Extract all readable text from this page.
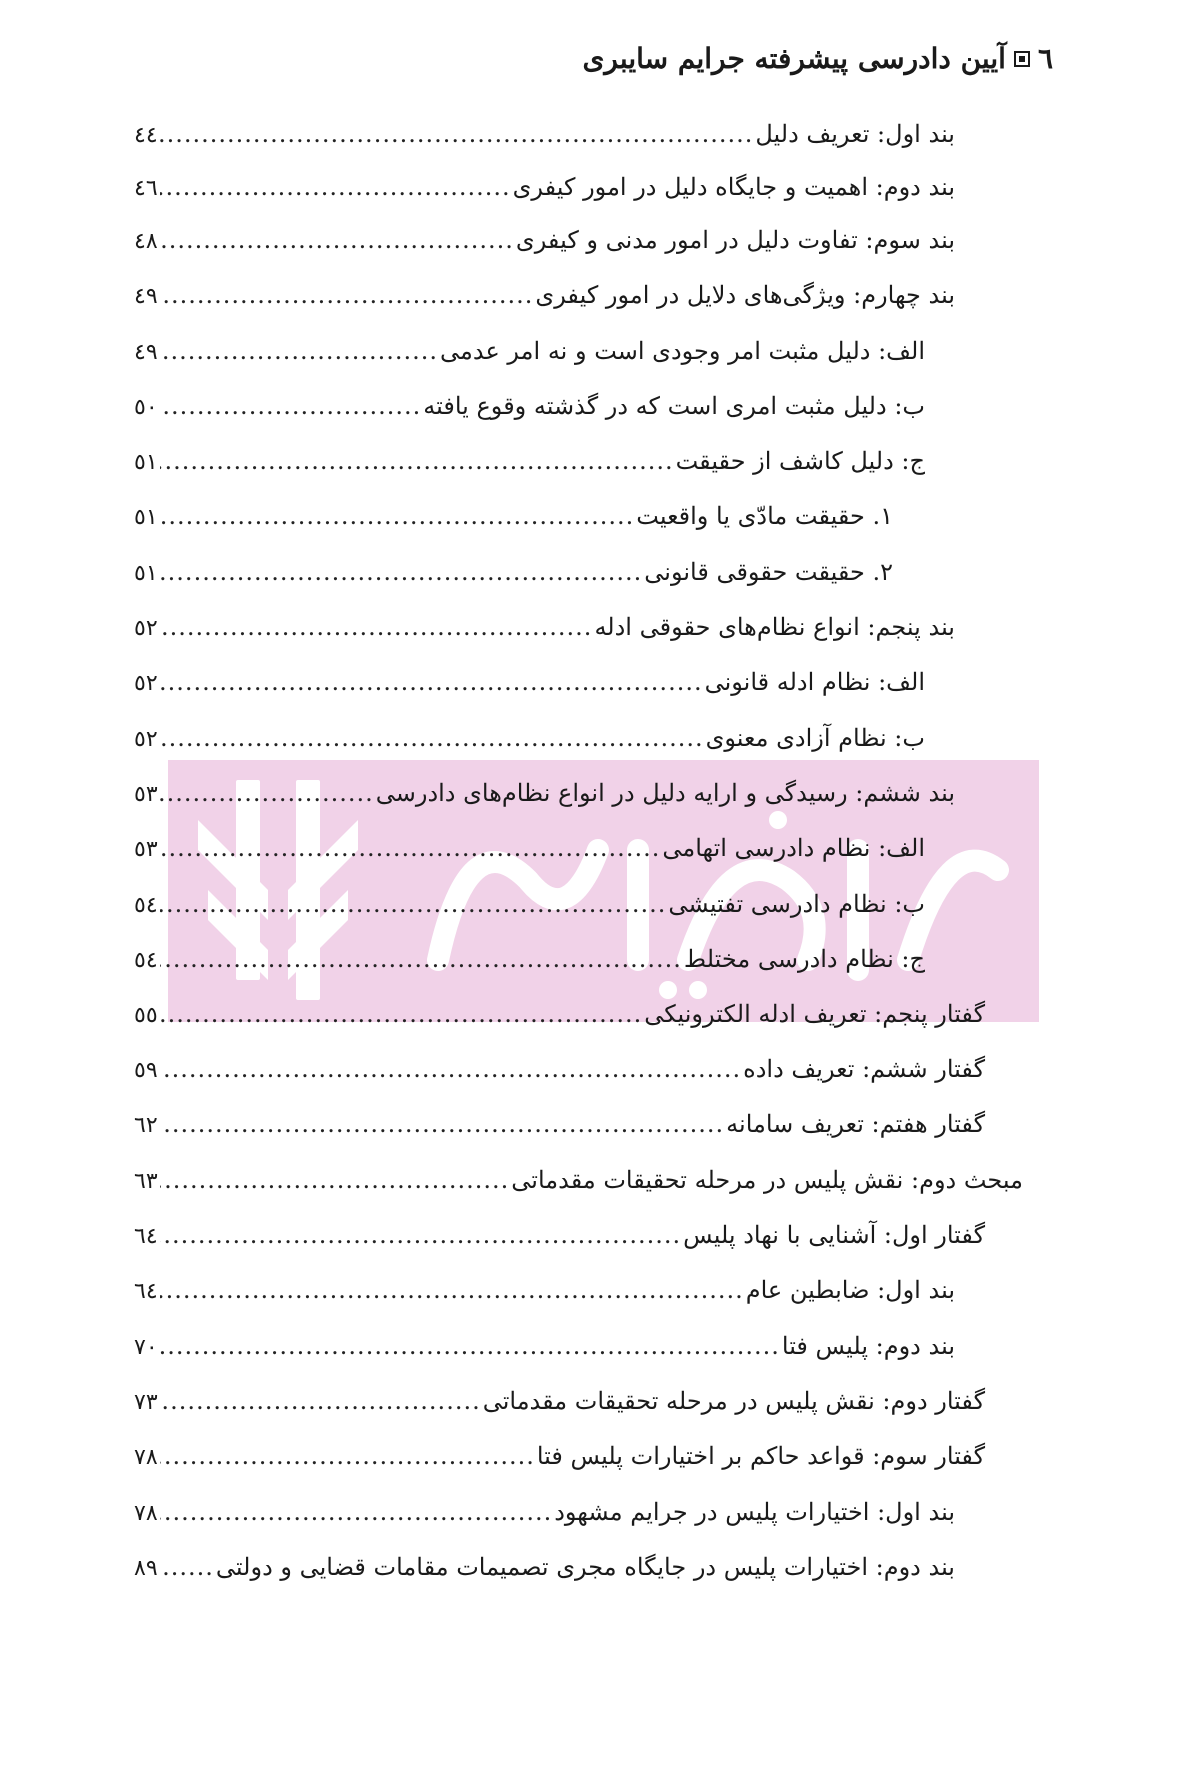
٦
آیین دادرسی پیشرفته جرایم سایبری
بند اول: تعریف دلیل
.....
٤٤
بند دوم: اهمیت و جایگاه دلیل در امور کیفری
.....
٤٦
بند سوم: تفاوت دلیل در امور مدنی و کیفری
.....
٤٨
بند چهارم: ویژگی‌های دلایل در امور کیفری
.....
٤٩
الف: دلیل مثبت امر وجودی است و نه امر عدمی
.....
٤٩
ب: دلیل مثبت امری است که در گذشته وقوع یافته
.....
٥٠
ج: دلیل کاشف از حقیقت
.....
٥١
١. حقیقت مادّی یا واقعیت
.....
٥١
٢. حقیقت حقوقی قانونی
.....
٥١
بند پنجم: انواع نظام‌های حقوقی ادله
.....
٥٢
الف: نظام ادله قانونی
.....
٥٢
ب: نظام آزادی معنوی
.....
٥٢
بند ششم: رسیدگی و ارایه دلیل در انواع نظام‌های دادرسی
.....
٥٣
الف: نظام دادرسی اتهامی
.....
٥٣
ب: نظام دادرسی تفتیشی
.....
٥٤
ج: نظام دادرسی مختلط
.....
٥٤
گفتار پنجم: تعریف ادله الکترونیکی
.....
٥٥
گفتار ششم: تعریف داده
.....
٥٩
گفتار هفتم: تعریف سامانه
.....
٦٢
مبحث دوم: نقش پلیس در مرحله تحقیقات مقدماتی
.....
٦٣
گفتار اول: آشنایی با نهاد پلیس
.....
٦٤
بند اول: ضابطین عام
.....
٦٤
بند دوم: پلیس فتا
.....
٧٠
گفتار دوم: نقش پلیس در مرحله تحقیقات مقدماتی
.....
٧٣
گفتار سوم: قواعد حاکم بر اختیارات پلیس فتا
.....
٧٨
بند اول: اختیارات پلیس در جرایم مشهود
.....
٧٨
بند دوم: اختیارات پلیس در جایگاه مجری تصمیمات مقامات قضایی و دولتی
.....
٨٩
